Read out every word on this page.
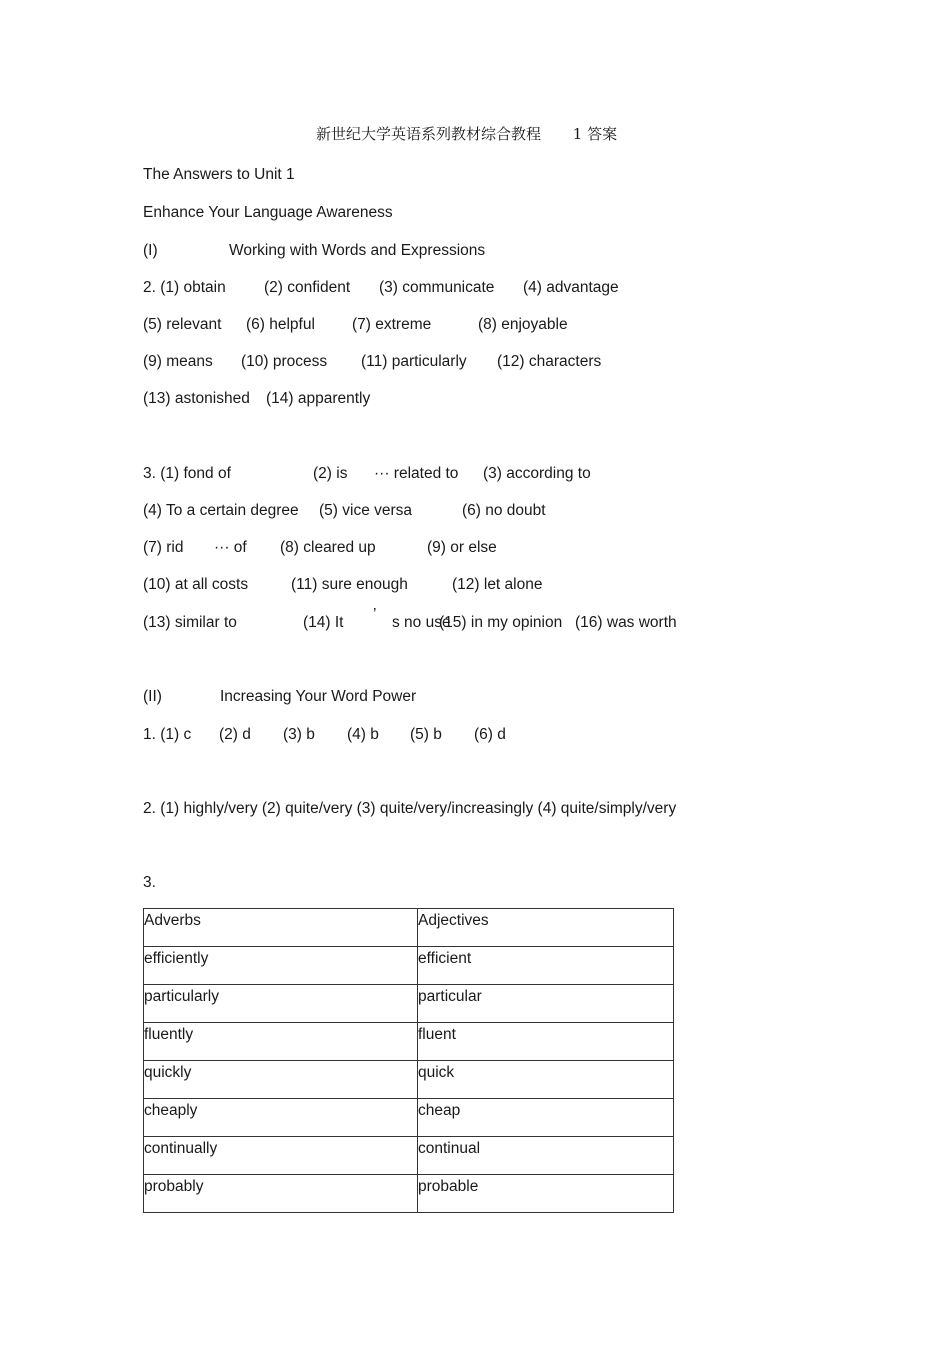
新世纪大学英语系列教材综合教程 1 答案
The Answers to Unit 1
Enhance Your Language Awareness
(I)	Working with Words and Expressions
2. (1) obtain (2) confident (3) communicate (4) advantage
(5) relevant (6) helpful (7) extreme	(8) enjoyable
(9) means (10) process (11) particularly (12) characters
(13) astonished (14) apparently
3. (1) fond of	(2) is ··· related to (3) according to
(4) To a certain degree (5) vice versa	(6) no doubt
(7) rid ··· of (8) cleared up	(9) or else
(10) at all costs	(11) sure enough	(12) let alone
(13) similar to	(14) It ’ s no use
(15) in my opinion (16) was worth
(II)	Increasing Your Word Power
1. (1) c (2) d (3) b (4) b (5) b (6) d
2. (1) highly/very (2) quite/very (3) quite/very/increasingly (4) quite/simply/very
3.
Adverbs	Adjectives

efficiently	efficient

particularly	particular

fluently	fluent

quickly	quick

cheaply	cheap

continually	continual

probably	probable
